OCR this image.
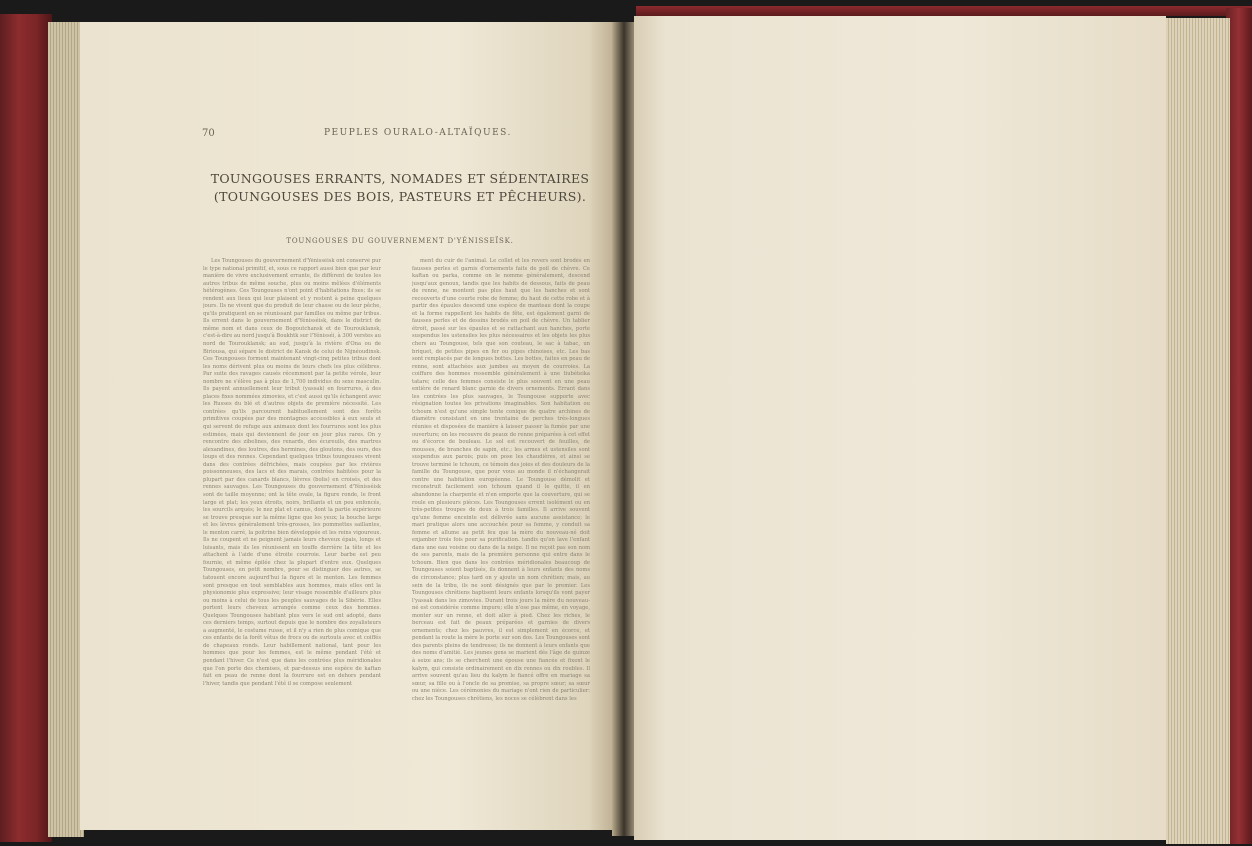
70	PEUPLES OURALO-ALTAÏQUES.
TOUNGOUSES ERRANTS, NOMADES ET SÉDENTAIRES (TOUNGOUSES DES BOIS, PASTEURS ET PÊCHEURS).
TOUNGOUSES DU GOUVERNEMENT D'YÉNISSEÏSK.
Les Toungouses du gouvernement d'Yénisséisk ont conservé pur le type national primitif, et, sous ce rapport aussi bien que par leur manière de vivre exclusivement errante, ils diffèrent de toutes les autres tribus de même souche, plus ou moins mêlées d'éléments hétérogènes. Ces Toungouses n'ont point d'habitations fixes; ils se rendent aux lieux qui leur plaisent et y restent à peine quelques jours. Ils ne vivent que du produit de leur chasse ou de leur pêche, qu'ils pratiquent en se réunissant par familles ou même par tribus. Ils errent dans le gouvernement d'Yénisséisk, dans le district de même nom et dans ceux de Bogoutchansk et de Tourouklansk, c'est-à-dire au nord jusqu'à Boukhtk sur l'Yénisséi, à 300 verstes au nord de Tourouklansk; au sud, jusqu'à la rivière d'Ona ou de Biriousa, qui sépare le district de Kansk de celui de Nijnéoudinsk. Ces Toungouses forment maintenant vingt-cinq petites tribus dont les noms dérivent plus ou moins de leurs chefs les plus célèbres. Par suite des ravages causés récemment par la petite vérole, leur nombre ne s'élève pas à plus de 1,700 individus du sexe masculin. Ils payent annuellement leur tribut (yassak) en fourrures, à des places fixes nommées zimovies, et c'est aussi qu'ils échangent avec les Russes du blé et d'autres objets de première nécessité. Les contrées qu'ils parcourent habituellement sont des forêts primitives coupées par des montagnes accessibles à eux seuls et qui servent de refuge aux animaux dont les fourrures sont les plus estimées, mais qui deviennent de jour en jour plus rares. On y rencontre des zibelines, des renards, des écureuils, des martres alexandines, des loutres, des hermines, des gloutons, des ours, des loups et des rennes. Cependant quelques tribus toungouses vivent dans des contrées défrichées, mais coupées par les rivières poissonneuses, des lacs et des marais, contrées habitées pour la plupart par des canards blancs, lièvres (bolis) en croisés, et des rennes sauvages. Les Toungouses du gouvernement d'Yénisséisk sont de taille moyenne; ont la tête ovale, la figure ronde, le front large et plat; les yeux étroits, noirs, brillants et un peu enfoncés, les sourcils arqués; le nez plat et camus, dont la partie supérieure se trouve presque sur la même ligne que les yeux; la bouche large et les lèvres généralement très-grosses, les pommettes saillantes, le menton carré, la poitrine bien développée et les reins vigoureux. Ils ne coupent et ne peignent jamais leurs cheveux épais, longs et luisants, mais ils les réunissent en touffe derrière la tête et les attachent à l'aide d'une étroite courroie. Leur barbe est peu fournie, et même épilée chez la plupart d'entre eux. Quelques Toungouses, en petit nombre, pour se distinguer des autres, se tatouent encore aujourd'hui la figure et le menton. Les femmes sont presque en tout semblables aux hommes, mais elles ont la physionomie plus expressive; leur visage ressemble d'ailleurs plus ou moins à celui de tous les peuples sauvages de la Sibérie. Elles portent leurs cheveux arrangés comme ceux des hommes. Quelques Toungouses habitant plus vers le sud ont adopté, dans ces derniers temps, surtout depuis que le nombre des zoyalisteurs a augmenté, le costume russe, et il n'y a rien de plus comique que ces enfants de la forêt vêtus de frocs ou de surtouts avec et coiffés de chapeaux ronds. Leur habillement national, tant pour les hommes que pour les femmes, est le même pendant l'été et pendant l'hiver. Ce n'est que dans les contrées plus méridionales que l'on porte des chemises, et par-dessus une espèce de kaftan fait en peau de renne dont la fourrure est en dehors pendant l'hiver, tandis que pendant l'été il se compose seulement
ment du cuir de l'animal. Le collet et les revers sont brodés en fausses perles et garnis d'ornements faits de poil de chèvre. Ce kaftan ou parka, comme on le nomme généralement, descend jusqu'aux genoux, tandis que les habits de dessous, faits de peau de renne, ne montent pas plus haut que les hanches et sont recouverts d'une courte robe de femme; du haut de cette robe et à partir des épaules descend une espèce de manteau dont la coupe et la forme rappellent les habits de fête, est également garni de fausses perles et de dessins brodés en poil de chèvre. Un tablier étroit, passé sur les épaules et se rattachant aux hanches, porte suspendus les ustensiles les plus nécessaires et les objets les plus chers au Toungouse, tels que son couteau, le sac à tabac, un briquet, de petites pipes en fer ou pipes chinoises, etc. Les bas sont remplacés par de longues bottes. Les bottes, faites en peau de renne, sont attachées aux jambes au moyen de courroies. La coiffure des hommes ressemble généralement à une tiubéteika tatare; celle des femmes consiste le plus souvent en une peau entière de renard blanc garnie de divers ornements. Errant dans les contrées les plus sauvages, le Toungouse supporte avec résignation toutes les privations imaginables. Son habitation ou tchoum n'est qu'une simple tente conique de quatre archines de diamètre consistant en une trentaine de perches très-longues réunies et disposées de manière à laisser passer la fumée par une ouverture; on les recouvre de peaux de renne préparées à cet effet ou d'écorce de bouleau. Le sol est recouvert de feuilles, de mousses, de branches de sapin, etc.; les armes et ustensiles sont suspendus aux parois; puis on pose les chaudières, et ainsi se trouve terminé le tchoum, ce témoin des joies et des douleurs de la famille du Toungouse, que pour vous au monde il n'échangerait contre une habitation européenne. Le Toungouse démolit et reconstruit facilement son tchoum quand il le quitte, il en abandonne la charpente et n'en emporte que la couverture, qui se roule en plusieurs pièces. Les Toungouses errent isolément ou en très-petites troupes de deux à trois familles. Il arrive souvent qu'une femme enceinte est délivrée sans aucune assistance; le mari pratique alors une accouchée pour sa femme, y conduit sa femme et allume au petit feu que la mère du nouveau-né doit enjamber trois fois pour sa purification. tandis qu'on lave l'enfant dans une eau voisine ou dans de la neige. Il ne reçoit pas son nom de ses parents, mais de la première personne qui entre dans le tchoum. Bien que dans les contrées méridionales beaucoup de Toungouses soient baptisés, ils donnent à leurs enfants des noms de circonstance; plus tard on y ajoute un nom chrétien; mais, au sein de la tribu, ils ne sont désignés que par le premier. Les Toungouses chrétiens baptisent leurs enfants lorsqu'ils vont payer l'yassak dans les zimovies. Durant trois jours la mère du nouveau-né est considérée comme impure; elle n'ose pas même, en voyage, monter sur un renne, et doit aller à pied. Chez les riches, le berceau est fait de peaux préparées et garnies de divers ornements; chez les pauvres, il est simplement en écorce, et pendant la route la mère le porte sur son dos. Les Toungouses sont des parents pleins de tendresse; ils ne donnent à leurs enfants que des noms d'amitié. Les jeunes gens se marient dès l'âge de quinze à seize ans; ils se cherchent une épouse une fiancée et fixent le kalym, qui consiste ordinairement en dix rennes ou dix roubles. Il arrive souvent qu'au lieu du kalym le fiancé offre en mariage sa sœur, sa fille ou à l'oncle de sa promise, sa propre sœur; sa sœur ou une nièce. Les cérémonies du mariage n'ont rien de particulier: chez les Toungouses chrétiens, les noces se célèbrent dans les
